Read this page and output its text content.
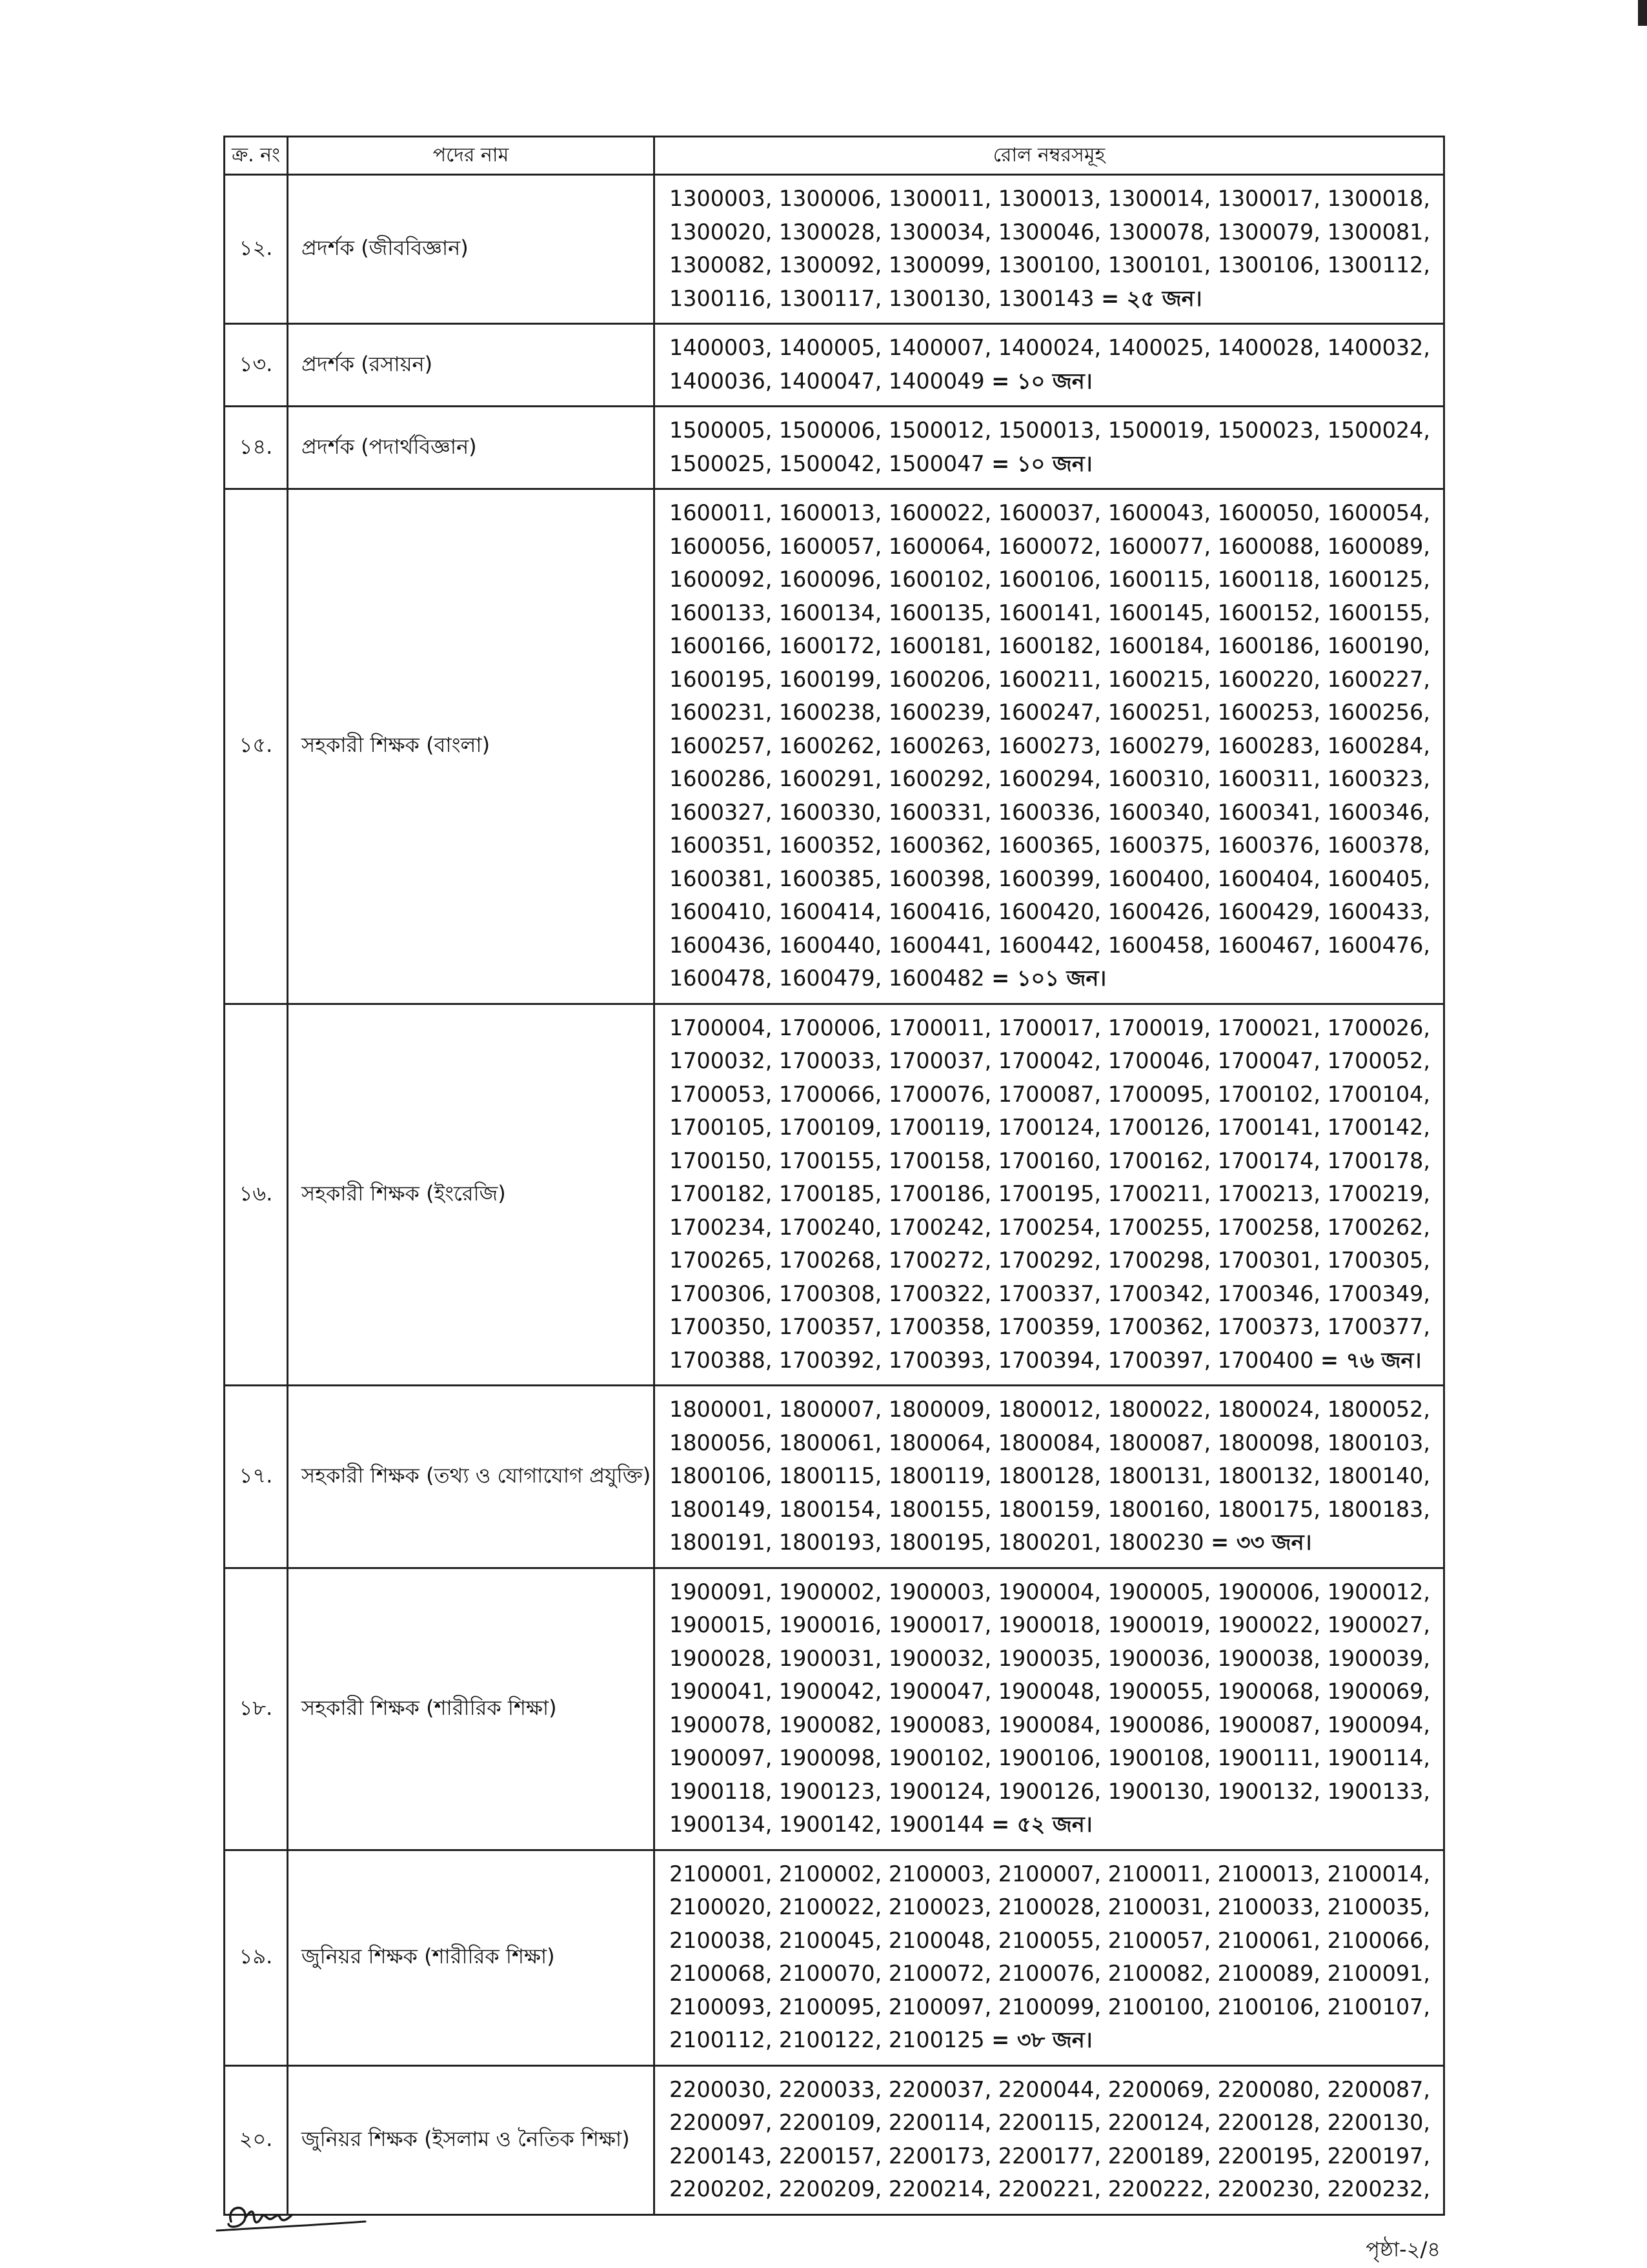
ক্র. নং	পদের নাম	রোল নম্বরসমূহ
১২.	প্রদর্শক (জীববিজ্ঞান)	1300003, 1300006, 1300011, 1300013, 1300014, 1300017, 1300018, 1300020, 1300028, 1300034, 1300046, 1300078, 1300079, 1300081, 1300082, 1300092, 1300099, 1300100, 1300101, 1300106, 1300112, 1300116, 1300117, 1300130, 1300143 = ২৫ জন।
১৩.	প্রদর্শক (রসায়ন)	1400003, 1400005, 1400007, 1400024, 1400025, 1400028, 1400032, 1400036, 1400047, 1400049 = ১০ জন।
১৪.	প্রদর্শক (পদার্থবিজ্ঞান)	1500005, 1500006, 1500012, 1500013, 1500019, 1500023, 1500024, 1500025, 1500042, 1500047 = ১০ জন।
১৫.	সহকারী শিক্ষক (বাংলা)	1600011, 1600013, 1600022, 1600037, 1600043, 1600050, 1600054, 1600056, 1600057, 1600064, 1600072, 1600077, 1600088, 1600089, 1600092, 1600096, 1600102, 1600106, 1600115, 1600118, 1600125, 1600133, 1600134, 1600135, 1600141, 1600145, 1600152, 1600155, 1600166, 1600172, 1600181, 1600182, 1600184, 1600186, 1600190, 1600195, 1600199, 1600206, 1600211, 1600215, 1600220, 1600227, 1600231, 1600238, 1600239, 1600247, 1600251, 1600253, 1600256, 1600257, 1600262, 1600263, 1600273, 1600279, 1600283, 1600284, 1600286, 1600291, 1600292, 1600294, 1600310, 1600311, 1600323, 1600327, 1600330, 1600331, 1600336, 1600340, 1600341, 1600346, 1600351, 1600352, 1600362, 1600365, 1600375, 1600376, 1600378, 1600381, 1600385, 1600398, 1600399, 1600400, 1600404, 1600405, 1600410, 1600414, 1600416, 1600420, 1600426, 1600429, 1600433, 1600436, 1600440, 1600441, 1600442, 1600458, 1600467, 1600476, 1600478, 1600479, 1600482 = ১০১ জন।
১৬.	সহকারী শিক্ষক (ইংরেজি)	1700004, 1700006, 1700011, 1700017, 1700019, 1700021, 1700026, 1700032, 1700033, 1700037, 1700042, 1700046, 1700047, 1700052, 1700053, 1700066, 1700076, 1700087, 1700095, 1700102, 1700104, 1700105, 1700109, 1700119, 1700124, 1700126, 1700141, 1700142, 1700150, 1700155, 1700158, 1700160, 1700162, 1700174, 1700178, 1700182, 1700185, 1700186, 1700195, 1700211, 1700213, 1700219, 1700234, 1700240, 1700242, 1700254, 1700255, 1700258, 1700262, 1700265, 1700268, 1700272, 1700292, 1700298, 1700301, 1700305, 1700306, 1700308, 1700322, 1700337, 1700342, 1700346, 1700349, 1700350, 1700357, 1700358, 1700359, 1700362, 1700373, 1700377, 1700388, 1700392, 1700393, 1700394, 1700397, 1700400 = ৭৬ জন।
১৭.	সহকারী শিক্ষক (তথ্য ও যোগাযোগ প্রযুক্তি)	1800001, 1800007, 1800009, 1800012, 1800022, 1800024, 1800052, 1800056, 1800061, 1800064, 1800084, 1800087, 1800098, 1800103, 1800106, 1800115, 1800119, 1800128, 1800131, 1800132, 1800140, 1800149, 1800154, 1800155, 1800159, 1800160, 1800175, 1800183, 1800191, 1800193, 1800195, 1800201, 1800230 = ৩৩ জন।
১৮.	সহকারী শিক্ষক (শারীরিক শিক্ষা)	1900091, 1900002, 1900003, 1900004, 1900005, 1900006, 1900012, 1900015, 1900016, 1900017, 1900018, 1900019, 1900022, 1900027, 1900028, 1900031, 1900032, 1900035, 1900036, 1900038, 1900039, 1900041, 1900042, 1900047, 1900048, 1900055, 1900068, 1900069, 1900078, 1900082, 1900083, 1900084, 1900086, 1900087, 1900094, 1900097, 1900098, 1900102, 1900106, 1900108, 1900111, 1900114, 1900118, 1900123, 1900124, 1900126, 1900130, 1900132, 1900133, 1900134, 1900142, 1900144 = ৫২ জন।
১৯.	জুনিয়র শিক্ষক (শারীরিক শিক্ষা)	2100001, 2100002, 2100003, 2100007, 2100011, 2100013, 2100014, 2100020, 2100022, 2100023, 2100028, 2100031, 2100033, 2100035, 2100038, 2100045, 2100048, 2100055, 2100057, 2100061, 2100066, 2100068, 2100070, 2100072, 2100076, 2100082, 2100089, 2100091, 2100093, 2100095, 2100097, 2100099, 2100100, 2100106, 2100107, 2100112, 2100122, 2100125 = ৩৮ জন।
২০.	জুনিয়র শিক্ষক (ইসলাম ও নৈতিক শিক্ষা)	2200030, 2200033, 2200037, 2200044, 2200069, 2200080, 2200087, 2200097, 2200109, 2200114, 2200115, 2200124, 2200128, 2200130, 2200143, 2200157, 2200173, 2200177, 2200189, 2200195, 2200197, 2200202, 2200209, 2200214, 2200221, 2200222, 2200230, 2200232,
পৃষ্ঠা-২/৪
